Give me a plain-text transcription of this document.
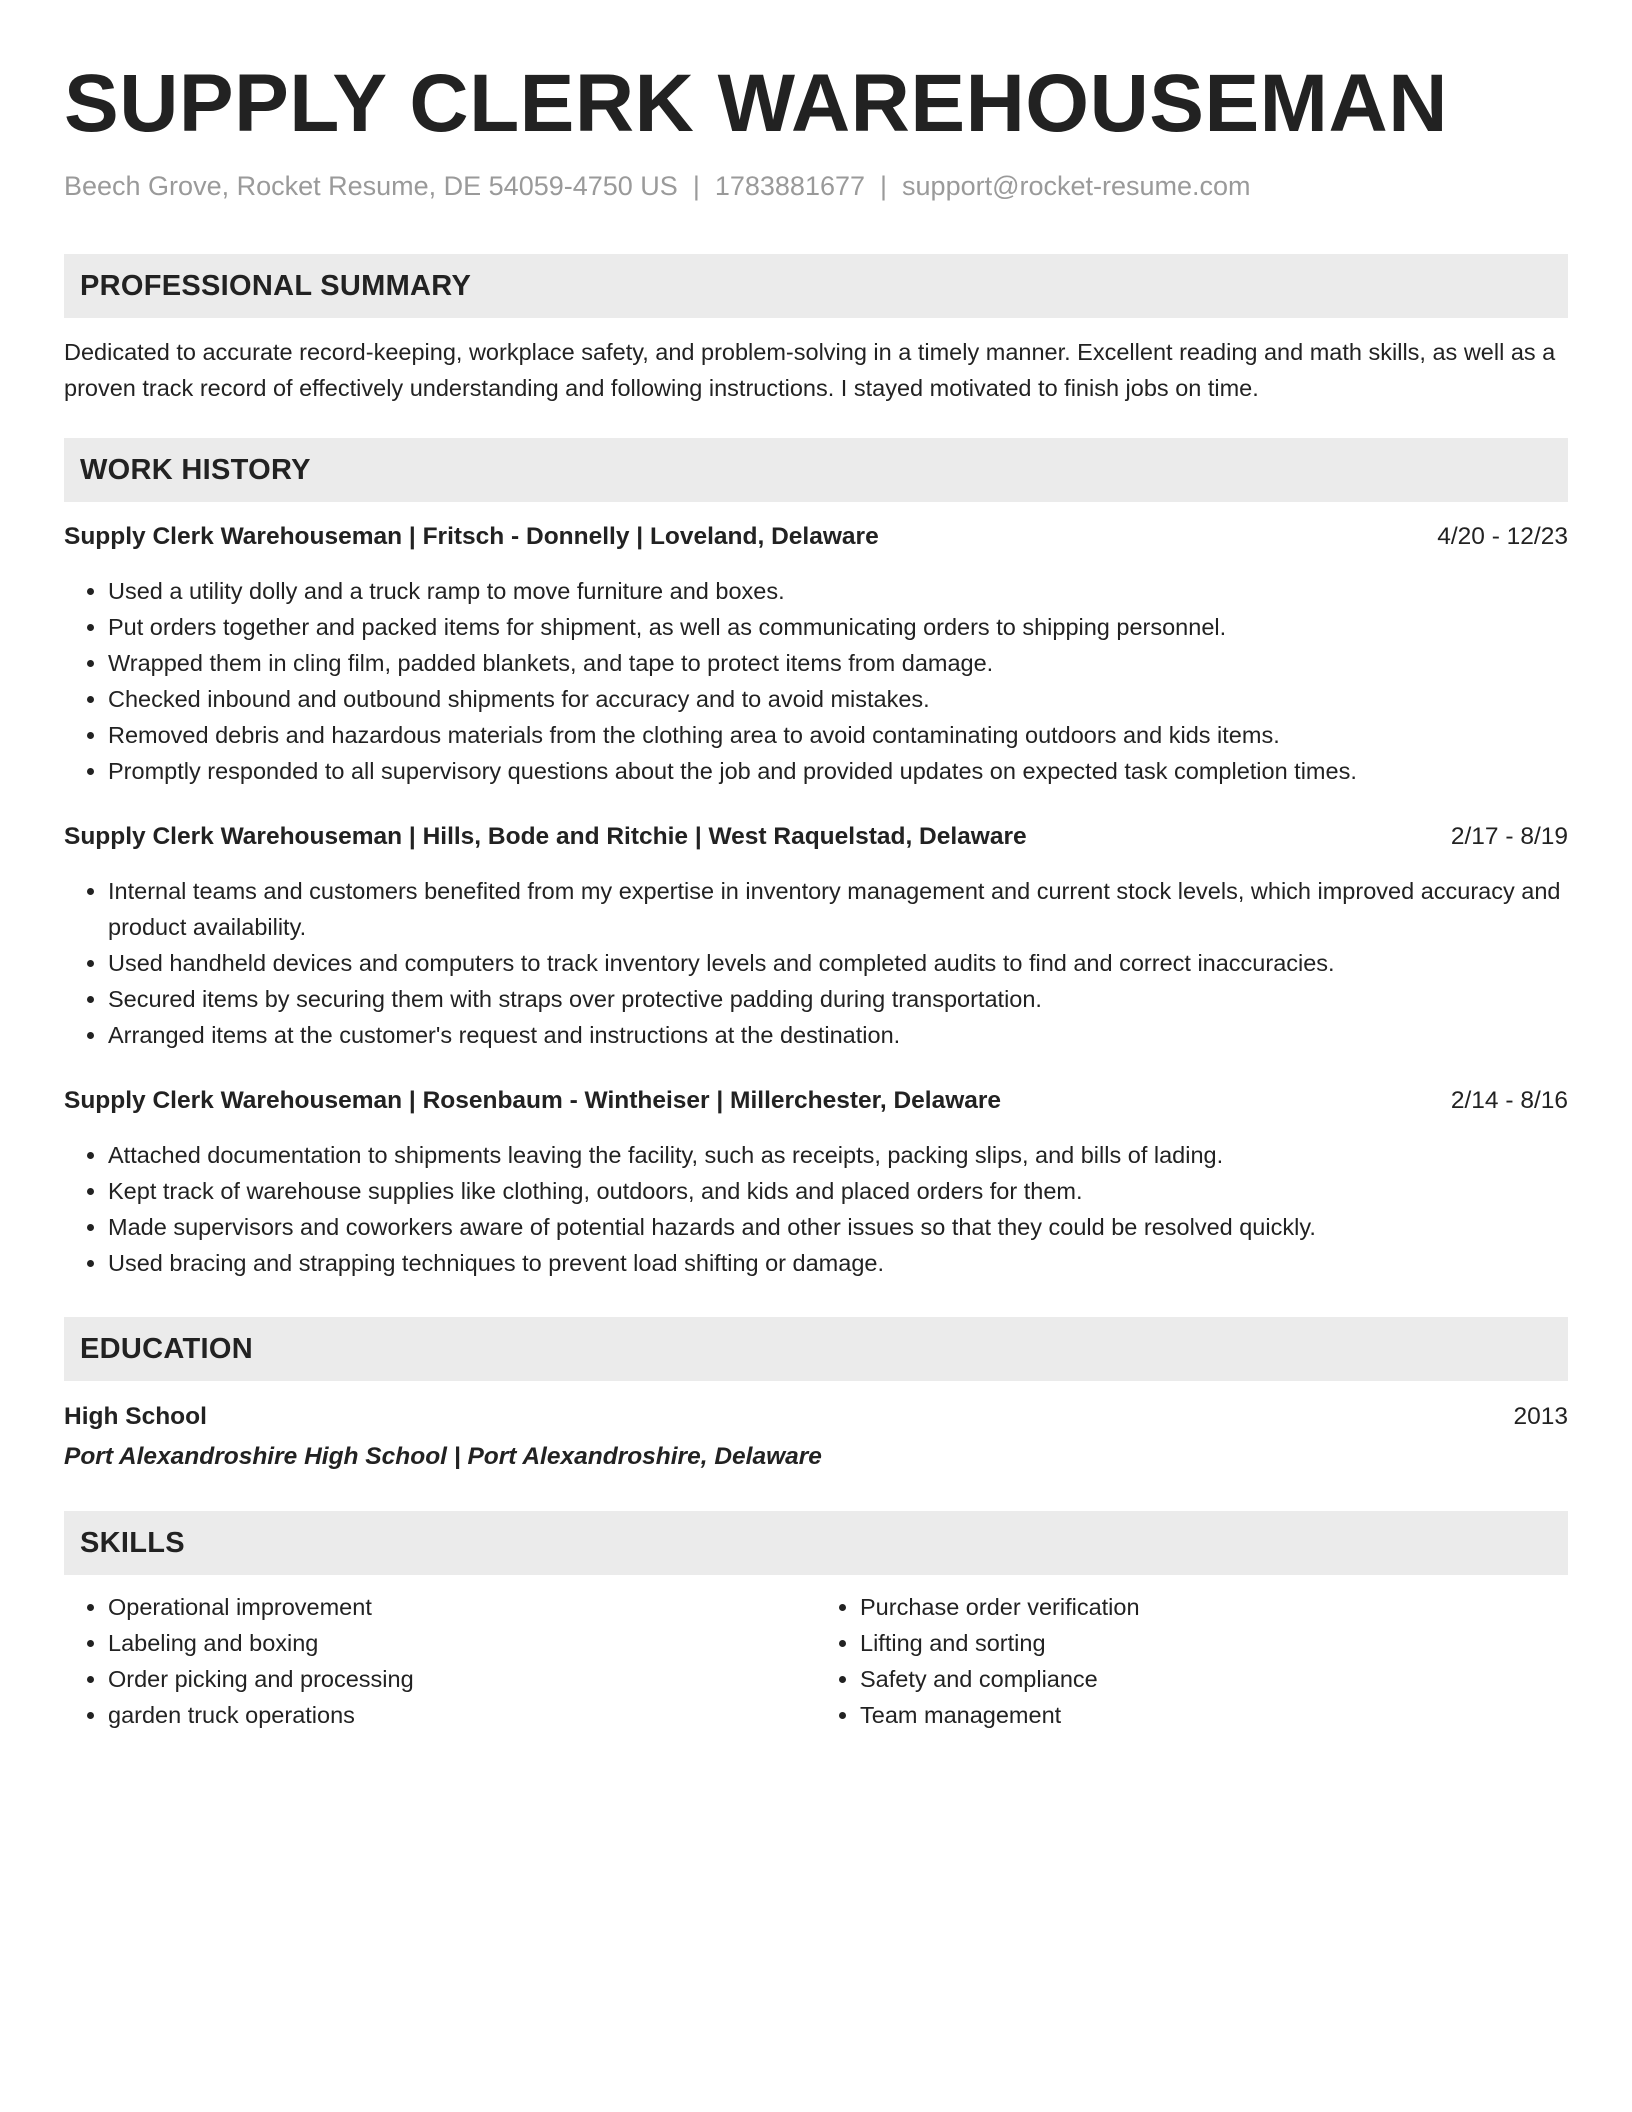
SUPPLY CLERK WAREHOUSEMAN
Beech Grove, Rocket Resume, DE 54059-4750 US | 1783881677 | support@rocket-resume.com
PROFESSIONAL SUMMARY

Dedicated to accurate record-keeping, workplace safety, and problem-solving in a timely manner. Excellent reading and math skills, as well as a proven track record of effectively understanding and following instructions. I stayed motivated to finish jobs on time.

WORK HISTORY
Supply Clerk Warehouseman | Fritsch - Donnelly | Loveland, Delaware	4/20 - 12/23
• Used a utility dolly and a truck ramp to move furniture and boxes.
• Put orders together and packed items for shipment, as well as communicating orders to shipping personnel.
• Wrapped them in cling film, padded blankets, and tape to protect items from damage.
• Checked inbound and outbound shipments for accuracy and to avoid mistakes.
• Removed debris and hazardous materials from the clothing area to avoid contaminating outdoors and kids items.
• Promptly responded to all supervisory questions about the job and provided updates on expected task completion times.
Supply Clerk Warehouseman | Hills, Bode and Ritchie | West Raquelstad, Delaware	2/17 - 8/19
• Internal teams and customers benefited from my expertise in inventory management and current stock levels, which improved accuracy and product availability.
• Used handheld devices and computers to track inventory levels and completed audits to find and correct inaccuracies.
• Secured items by securing them with straps over protective padding during transportation.
• Arranged items at the customer's request and instructions at the destination.
Supply Clerk Warehouseman | Rosenbaum - Wintheiser | Millerchester, Delaware	2/14 - 8/16
• Attached documentation to shipments leaving the facility, such as receipts, packing slips, and bills of lading.
• Kept track of warehouse supplies like clothing, outdoors, and kids and placed orders for them.
• Made supervisors and coworkers aware of potential hazards and other issues so that they could be resolved quickly.
• Used bracing and strapping techniques to prevent load shifting or damage.
EDUCATION
High School	2013
Port Alexandroshire High School | Port Alexandroshire, Delaware
SKILLS
• Operational improvement
• Labeling and boxing
• Order picking and processing
• garden truck operations
• Purchase order verification
• Lifting and sorting
• Safety and compliance
• Team management
